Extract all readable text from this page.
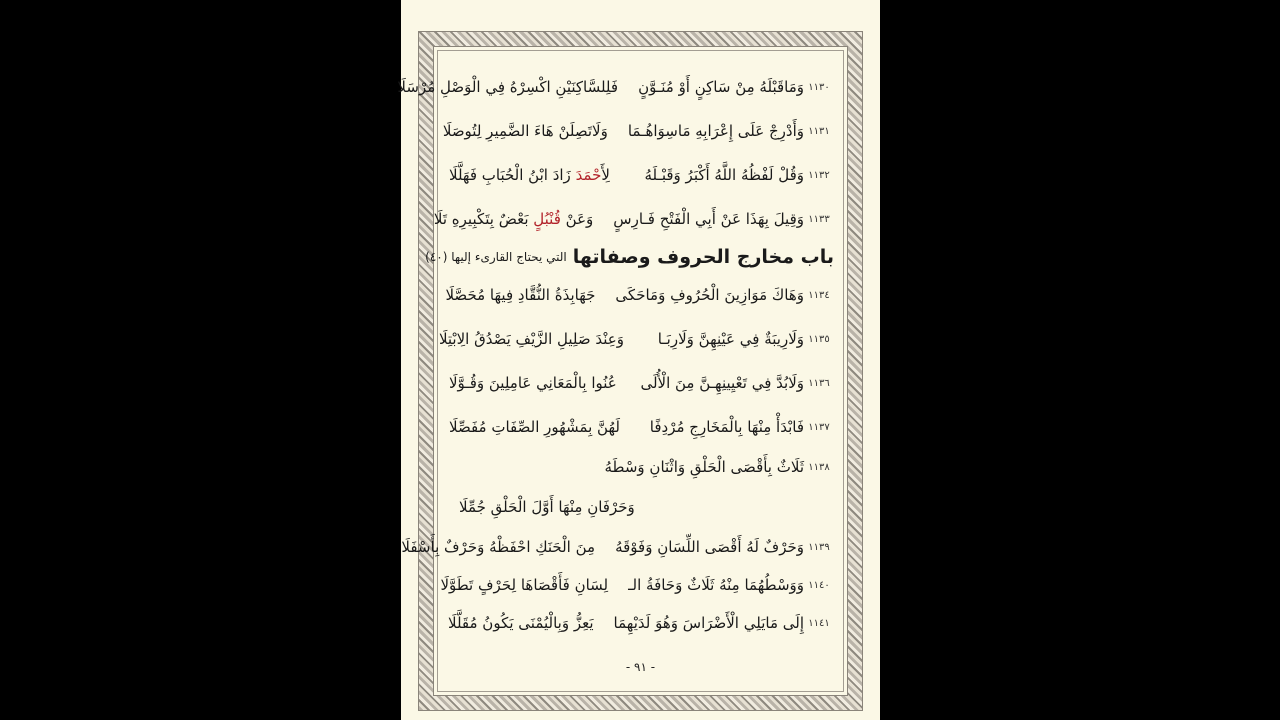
- ٩١ -
١١٣٠
وَمَاقَبْلَهُ مِنْ سَاكِنٍ أَوْ مُنَـوَّنٍ
فَلِلسَّاكِنَيْنِ اكْسِرْهُ فِي الْوَصْلِ مُرْسَلَا
١١٣١
وَأَدْرِجْ عَلَى إِعْرَابِهِ مَاسِوَاهُـمَا
وَلَاتَصِلَنْ هَاءَ الضَّمِيرِ لِتُوصَلَا
١١٣٢
وَقُلْ لَفْظُهُ اللَّهُ أَكْبَرُ وَقَبْـلَهُ
لِأَحْمَدَ زَادَ ابْنُ الْحُبَابِ فَهَلَّلَا
١١٣٣
وَقِيلَ بِهَذَا عَنْ أَبِي الْفَتْحِ فَـارِسٍ
وَعَنْ قُنْبُلٍ بَعْضٌ بِتَكْبِيرِهِ تَلَا
باب مخارج الحروف وصفاتها
التي يحتاج القارىء إليها (٤٠)
١١٣٤
وَهَاكَ مَوَازِينَ الْحُرُوفِ وَمَاحَكَى
جَهَابِذَةُ النُّقَّادِ فِيهَا مُحَصَّلَا
١١٣٥
وَلَارِيبَةٌ فِي عَيْنِهِنَّ وَلَارِبَـا
وَعِنْدَ صَلِيلِ الزَّيْفِ يَصْدُقُ الِابْتِلَا
١١٣٦
وَلَابُدَّ فِي تَعْيِينِهِـنَّ مِنَ الْأُلَى
عُنُوا بِالْمَعَانِي عَامِلِينَ وَقُـوَّلَا
١١٣٧
فَابْدَأْ مِنْهَا بِالْمَخَارِجِ مُرْدِفًا
لَهُنَّ بِمَشْهُورِ الصِّفَاتِ مُفَصِّلَا
١١٣٨
ثَلَاثٌ بِأَقْصَى الْحَلْقِ وَاثْنَانِ وَسْطَهُ
وَحَرْفَانِ مِنْهَا أَوَّلَ الْحَلْقِ جُمِّلَا
١١٣٩
وَحَرْفٌ لَهُ أَقْصَى اللِّسَانِ وَفَوْقَهُ
مِنَ الْحَنَكِ احْفَظْهُ وَحَرْفٌ بِأَسْفَلَا
١١٤٠
وَوَسْطُهُمَا مِنْهُ ثَلَاثٌ وَحَافَةُ الـ
لِسَانِ فَأَقْصَاهَا لِحَرْفٍ تَطَوَّلَا
١١٤١
إِلَى مَايَلِي الْأَضْرَاسَ وَهُوَ لَدَيْهِمَا
يَعِزُّ وَبِالْيُمْنَى يَكُونُ مُقَلَّلَا
